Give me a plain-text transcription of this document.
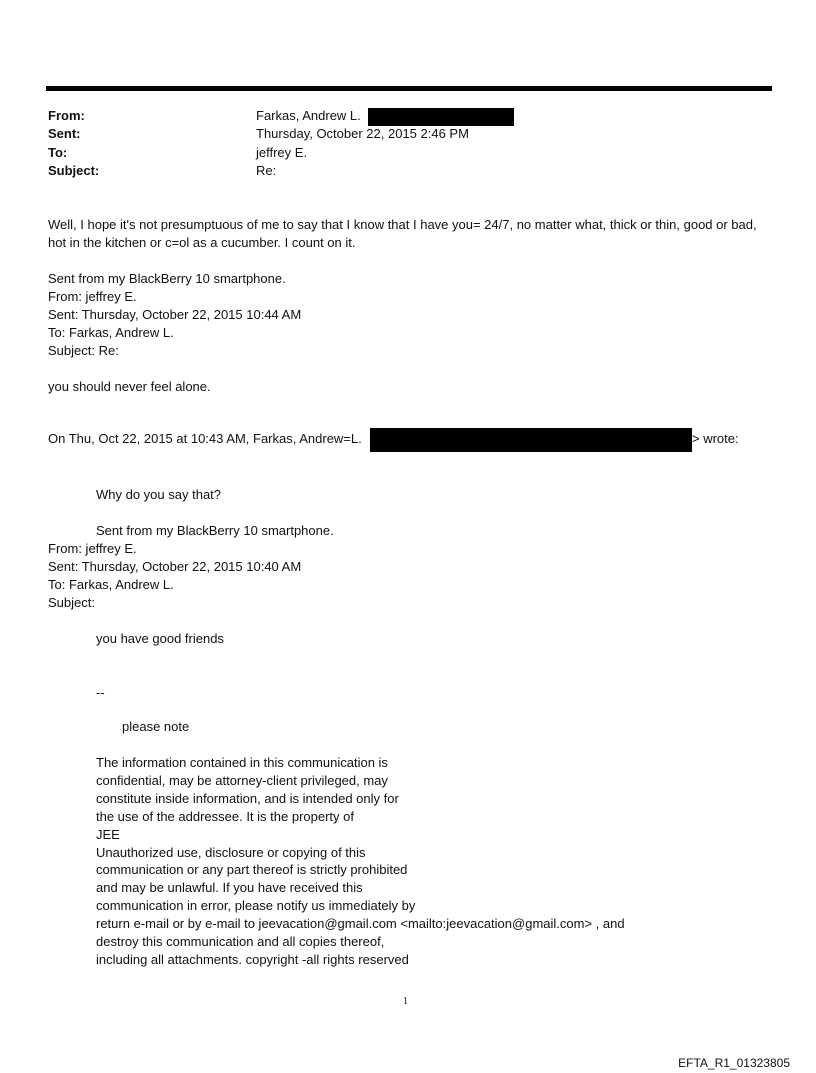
From:	Farkas, Andrew L.
Sent:	Thursday, October 22, 2015 2:46 PM
To:	jeffrey E.
Subject:	Re:
Well, I hope it's not presumptuous of me to say that I know that I have you= 24/7, no matter what, thick or thin, good or bad, hot in the kitchen or c=ol as a cucumber. I count on it.
Sent from my BlackBerry 10 smartphone.
From: jeffrey E.
Sent: Thursday, October 22, 2015 10:44 AM
To: Farkas, Andrew L.
Subject: Re:
you should never feel alone.
On Thu, Oct 22, 2015 at 10:43 AM, Farkas, Andrew=L.	> wrote:
Why do you say that?
Sent from my BlackBerry 10 smartphone.
From: jeffrey E.
Sent: Thursday, October 22, 2015 10:40 AM
To: Farkas, Andrew L.
Subject:
you have good friends
--
please note
The information contained in this communication is
confidential, may be attorney-client privileged, may
constitute inside information, and is intended only for
the use of the addressee. It is the property of
JEE
Unauthorized use, disclosure or copying of this
communication or any part thereof is strictly prohibited
and may be unlawful. If you have received this
communication in error, please notify us immediately by
return e-mail or by e-mail to jeevacation@gmail.com <mailto:jeevacation@gmail.com> , and
destroy this communication and all copies thereof,
including all attachments. copyright -all rights reserved
1
EFTA_R1_01323805
